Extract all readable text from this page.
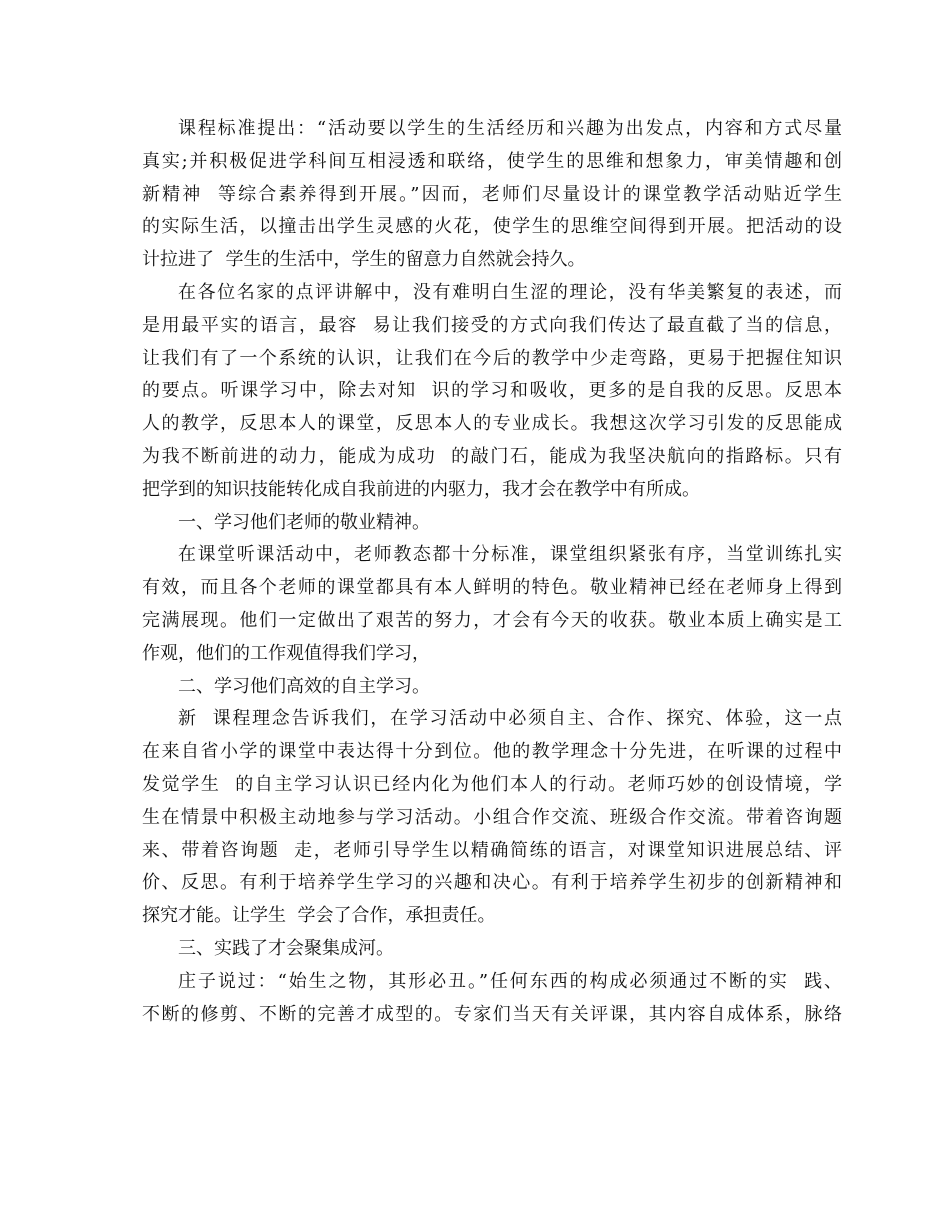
课程标准提出：“活动要以学生的生活经历和兴趣为出发点，内容和方式尽量
真实;并积极促进学科间互相浸透和联络，使学生的思维和想象力，审美情趣和创
新精神  等综合素养得到开展。”因而，老师们尽量设计的课堂教学活动贴近学生
的实际生活，以撞击出学生灵感的火花，使学生的思维空间得到开展。把活动的设
计拉进了  学生的生活中，学生的留意力自然就会持久。
在各位名家的点评讲解中，没有难明白生涩的理论，没有华美繁复的表述，而
是用最平实的语言，最容  易让我们接受的方式向我们传达了最直截了当的信息，
让我们有了一个系统的认识，让我们在今后的教学中少走弯路，更易于把握住知识
的要点。听课学习中，除去对知  识的学习和吸收，更多的是自我的反思。反思本
人的教学，反思本人的课堂，反思本人的专业成长。我想这次学习引发的反思能成
为我不断前进的动力，能成为成功  的敲门石，能成为我坚决航向的指路标。只有
把学到的知识技能转化成自我前进的内驱力，我才会在教学中有所成。
一、学习他们老师的敬业精神。
在课堂听课活动中，老师教态都十分标准，课堂组织紧张有序，当堂训练扎实
有效，而且各个老师的课堂都具有本人鲜明的特色。敬业精神已经在老师身上得到
完满展现。他们一定做出了艰苦的努力，才会有今天的收获。敬业本质上确实是工
作观，他们的工作观值得我们学习，
二、学习他们高效的自主学习。
新  课程理念告诉我们，在学习活动中必须自主、合作、探究、体验，这一点
在来自省小学的课堂中表达得十分到位。他的教学理念十分先进，在听课的过程中
发觉学生  的自主学习认识已经内化为他们本人的行动。老师巧妙的创设情境，学
生在情景中积极主动地参与学习活动。小组合作交流、班级合作交流。带着咨询题
来、带着咨询题  走，老师引导学生以精确简练的语言，对课堂知识进展总结、评
价、反思。有利于培养学生学习的兴趣和决心。有利于培养学生初步的创新精神和
探究才能。让学生  学会了合作，承担责任。
三、实践了才会聚集成河。
庄子说过：“始生之物，其形必丑。”任何东西的构成必须通过不断的实  践、
不断的修剪、不断的完善才成型的。专家们当天有关评课，其内容自成体系，脉络
